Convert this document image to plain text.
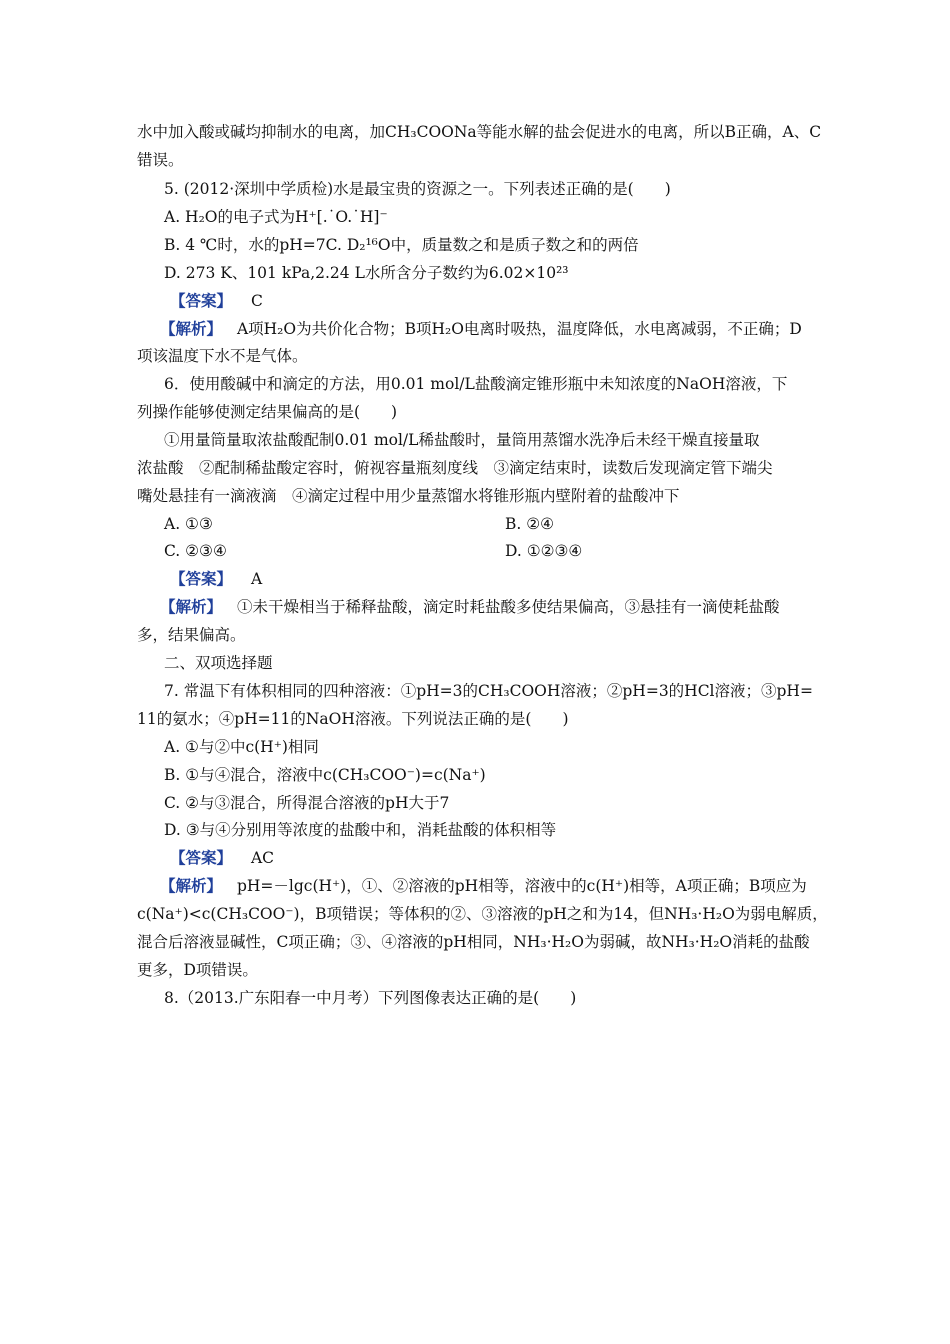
水中加入酸或碱均抑制水的电离，加CH₃COONa等能水解的盐会促进水的电离，所以B正确，A、C
错误。
5. (2012·深圳中学质检)水是最宝贵的资源之一。下列表述正确的是(　　)
A. H₂O的电子式为H⁺[.˙O.˙H]⁻
B. 4 ℃时，水的pH=7C. D₂¹⁶O中，质量数之和是质子数之和的两倍
D. 273 K、101 kPa,2.24 L水所含分子数约为6.02×10²³
【答案】 C
【解析】 A项H₂O为共价化合物；B项H₂O电离时吸热，温度降低，水电离减弱，不正确；D
项该温度下水不是气体。
6．使用酸碱中和滴定的方法，用0.01 mol/L盐酸滴定锥形瓶中未知浓度的NaOH溶液，下
列操作能够使测定结果偏高的是(　　)
①用量筒量取浓盐酸配制0.01 mol/L稀盐酸时，量筒用蒸馏水洗净后未经干燥直接量取
浓盐酸　②配制稀盐酸定容时，俯视容量瓶刻度线　③滴定结束时，读数后发现滴定管下端尖
嘴处悬挂有一滴液滴　④滴定过程中用少量蒸馏水将锥形瓶内壁附着的盐酸冲下
A. ①③	B. ②④
C. ②③④	D. ①②③④
【答案】 A
【解析】 ①未干燥相当于稀释盐酸，滴定时耗盐酸多使结果偏高，③悬挂有一滴使耗盐酸
多，结果偏高。
二、双项选择题
7. 常温下有体积相同的四种溶液：①pH=3的CH₃COOH溶液；②pH=3的HCl溶液；③pH=
11的氨水；④pH=11的NaOH溶液。下列说法正确的是(　　)
A. ①与②中c(H⁺)相同
B. ①与④混合，溶液中c(CH₃COO⁻)=c(Na⁺)
C. ②与③混合，所得混合溶液的pH大于7
D. ③与④分别用等浓度的盐酸中和，消耗盐酸的体积相等
【答案】 AC
【解析】 pH=－lgc(H⁺)，①、②溶液的pH相等，溶液中的c(H⁺)相等，A项正确；B项应为
c(Na⁺)<c(CH₃COO⁻)，B项错误；等体积的②、③溶液的pH之和为14，但NH₃·H₂O为弱电解质，
混合后溶液显碱性，C项正确；③、④溶液的pH相同，NH₃·H₂O为弱碱，故NH₃·H₂O消耗的盐酸
更多，D项错误。
8.（2013.广东阳春一中月考）下列图像表达正确的是(　　)
